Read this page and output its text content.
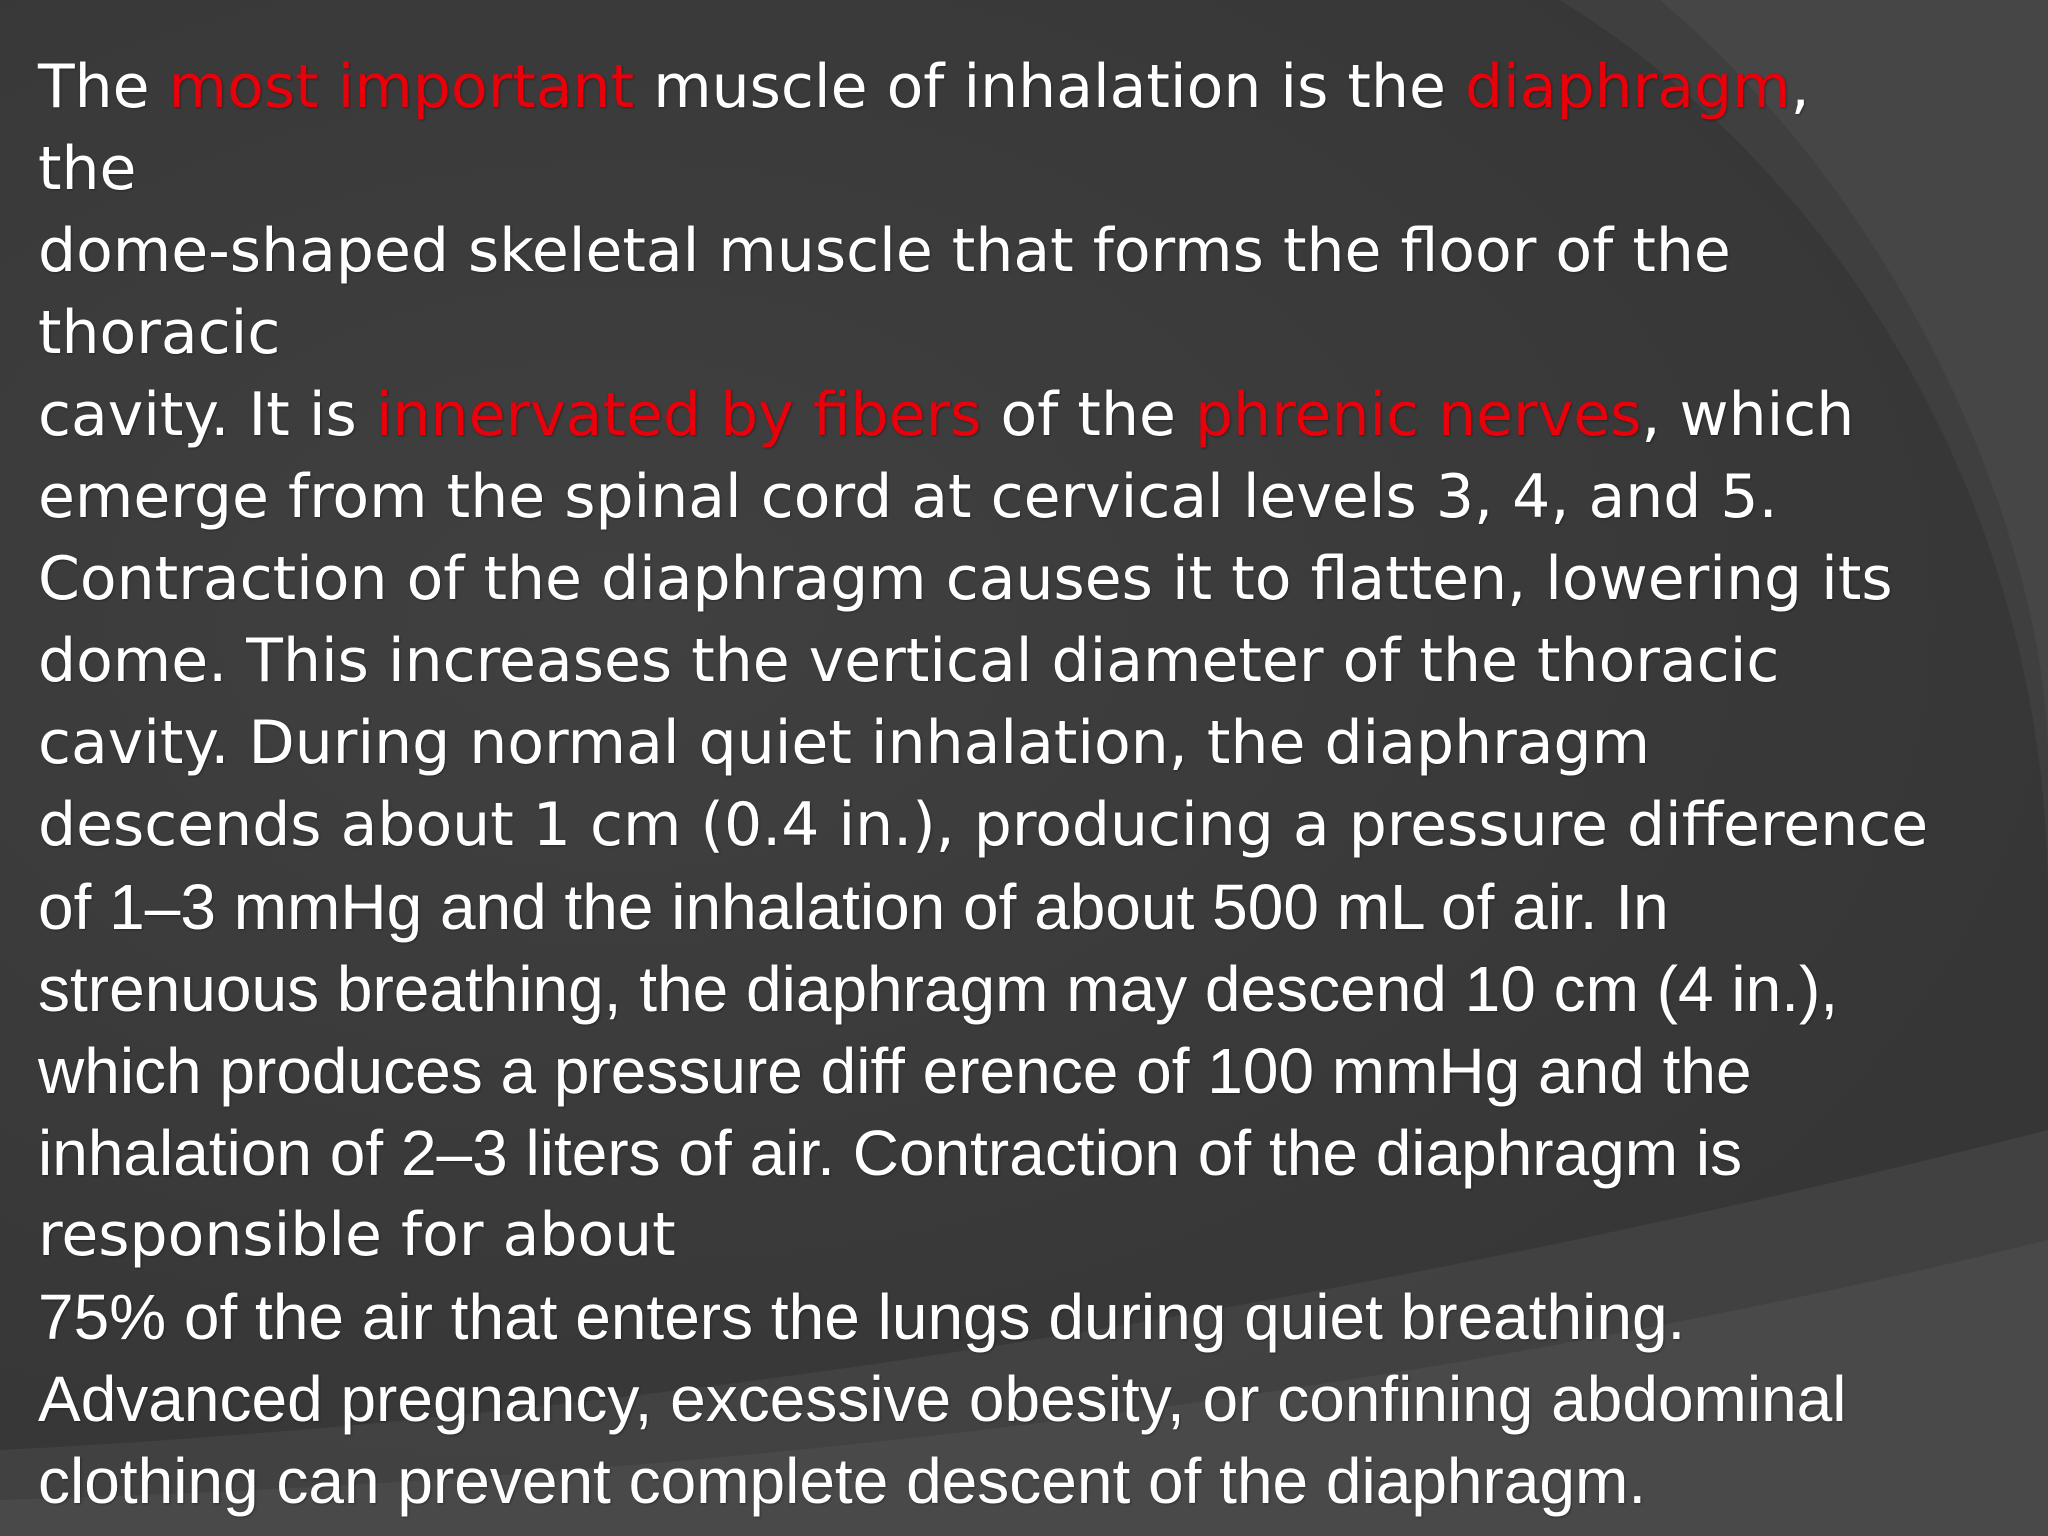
The most important muscle of inhalation is the diaphragm,
the
dome-shaped skeletal muscle that forms the floor of the
thoracic
cavity. It is innervated by fibers of the phrenic nerves, which
emerge from the spinal cord at cervical levels 3, 4, and 5.
Contraction of the diaphragm causes it to flatten, lowering its
dome. This increases the vertical diameter of the thoracic
cavity. During normal quiet inhalation, the diaphragm
descends about 1 cm (0.4 in.), producing a pressure difference
of 1–3 mmHg and the inhalation of about 500 mL of air. In
strenuous breathing, the diaphragm may descend 10 cm (4 in.),
which produces a pressure diff erence of 100 mmHg and the
inhalation of 2–3 liters of air. Contraction of the diaphragm is
responsible for about
75% of the air that enters the lungs during quiet breathing.
Advanced pregnancy, excessive obesity, or confining abdominal
clothing can prevent complete descent of the diaphragm.
